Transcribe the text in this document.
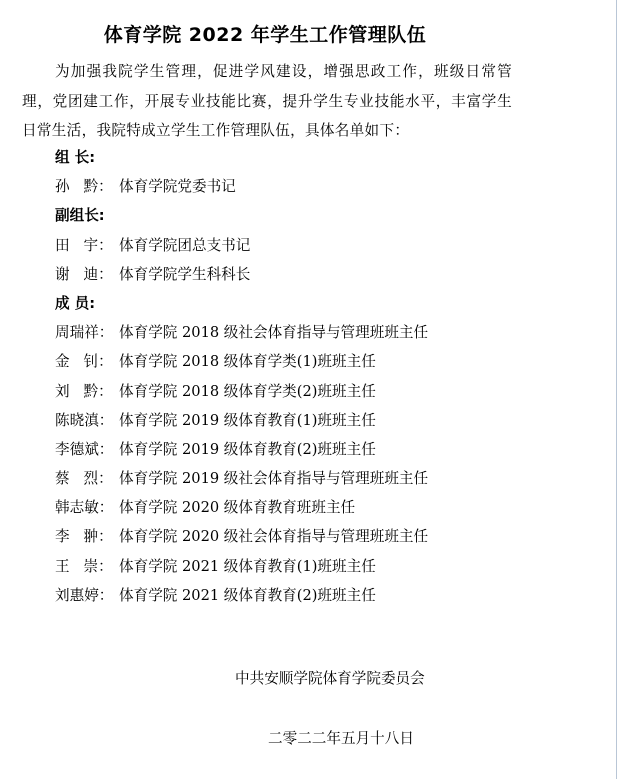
体育学院 2022 年学生工作管理队伍
为加强我院学生管理，促进学风建设，增强思政工作，班级日常管理，党团建工作，开展专业技能比赛，提升学生专业技能水平，丰富学生日常生活，我院特成立学生工作管理队伍，具体名单如下：
组 长:
孙   黔： 体育学院党委书记
副组长:
田   宇： 体育学院团总支书记
谢   迪： 体育学院学生科科长
成 员:
周瑞祥： 体育学院 2018 级社会体育指导与管理班班主任
金   钊： 体育学院 2018 级体育学类(1)班班主任
刘   黔： 体育学院 2018 级体育学类(2)班班主任
陈晓滇： 体育学院 2019 级体育教育(1)班班主任
李德斌： 体育学院 2019 级体育教育(2)班班主任
蔡   烈： 体育学院 2019 级社会体育指导与管理班班主任
韩志敏： 体育学院 2020 级体育教育班班主任
李   翀： 体育学院 2020 级社会体育指导与管理班班主任
王   崇： 体育学院 2021 级体育教育(1)班班主任
刘惠婷： 体育学院 2021 级体育教育(2)班班主任
中共安顺学院体育学院委员会
二零二二年五月十八日
